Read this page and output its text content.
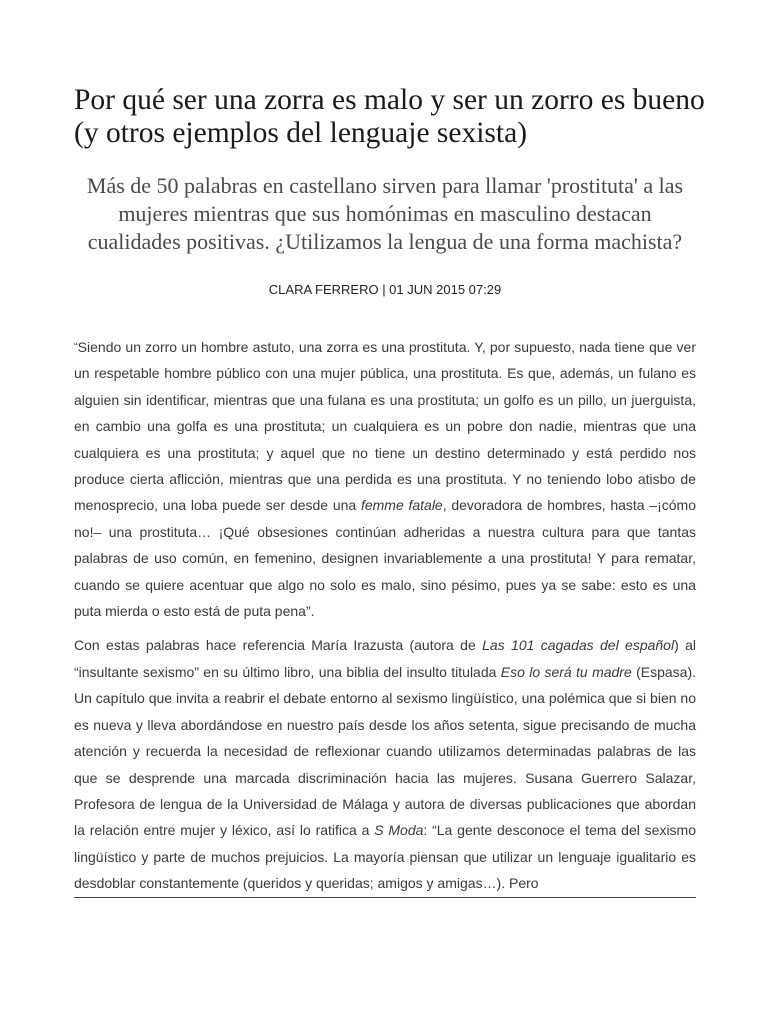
Por qué ser una zorra es malo y ser un zorro es bueno (y otros ejemplos del lenguaje sexista)

Más de 50 palabras en castellano sirven para llamar 'prostituta' a las mujeres mientras que sus homónimas en masculino destacan cualidades positivas. ¿Utilizamos la lengua de una forma machista?

CLARA FERRERO | 01 JUN 2015 07:29

“Siendo un zorro un hombre astuto, una zorra es una prostituta. Y, por supuesto, nada tiene que ver un respetable hombre público con una mujer pública, una prostituta. Es que, además, un fulano es alguien sin identificar, mientras que una fulana es una prostituta; un golfo es un pillo, un juerguista, en cambio una golfa es una prostituta; un cualquiera es un pobre don nadie, mientras que una cualquiera es una prostituta; y aquel que no tiene un destino determinado y está perdido nos produce cierta aflicción, mientras que una perdida es una prostituta. Y no teniendo lobo atisbo de menosprecio, una loba puede ser desde una femme fatale, devoradora de hombres, hasta –¡cómo no!– una prostituta… ¡Qué obsesiones continúan adheridas a nuestra cultura para que tantas palabras de uso común, en femenino, designen invariablemente a una prostituta! Y para rematar, cuando se quiere acentuar que algo no solo es malo, sino pésimo, pues ya se sabe: esto es una puta mierda o esto está de puta pena”.

Con estas palabras hace referencia María Irazusta (autora de Las 101 cagadas del español) al “insultante sexismo” en su último libro, una biblia del insulto titulada Eso lo será tu madre (Espasa). Un capítulo que invita a reabrir el debate entorno al sexismo lingüístico, una polémica que si bien no es nueva y lleva abordándose en nuestro país desde los años setenta, sigue precisando de mucha atención y recuerda la necesidad de reflexionar cuando utilizamos determinadas palabras de las que se desprende una marcada discriminación hacia las mujeres. Susana Guerrero Salazar, Profesora de lengua de la Universidad de Málaga y autora de diversas publicaciones que abordan la relación entre mujer y léxico, así lo ratifica a S Moda: “La gente desconoce el tema del sexismo lingüístico y parte de muchos prejuicios. La mayoría piensan que utilizar un lenguaje igualitario es desdoblar constantemente (queridos y queridas; amigos y amigas…). Pero
